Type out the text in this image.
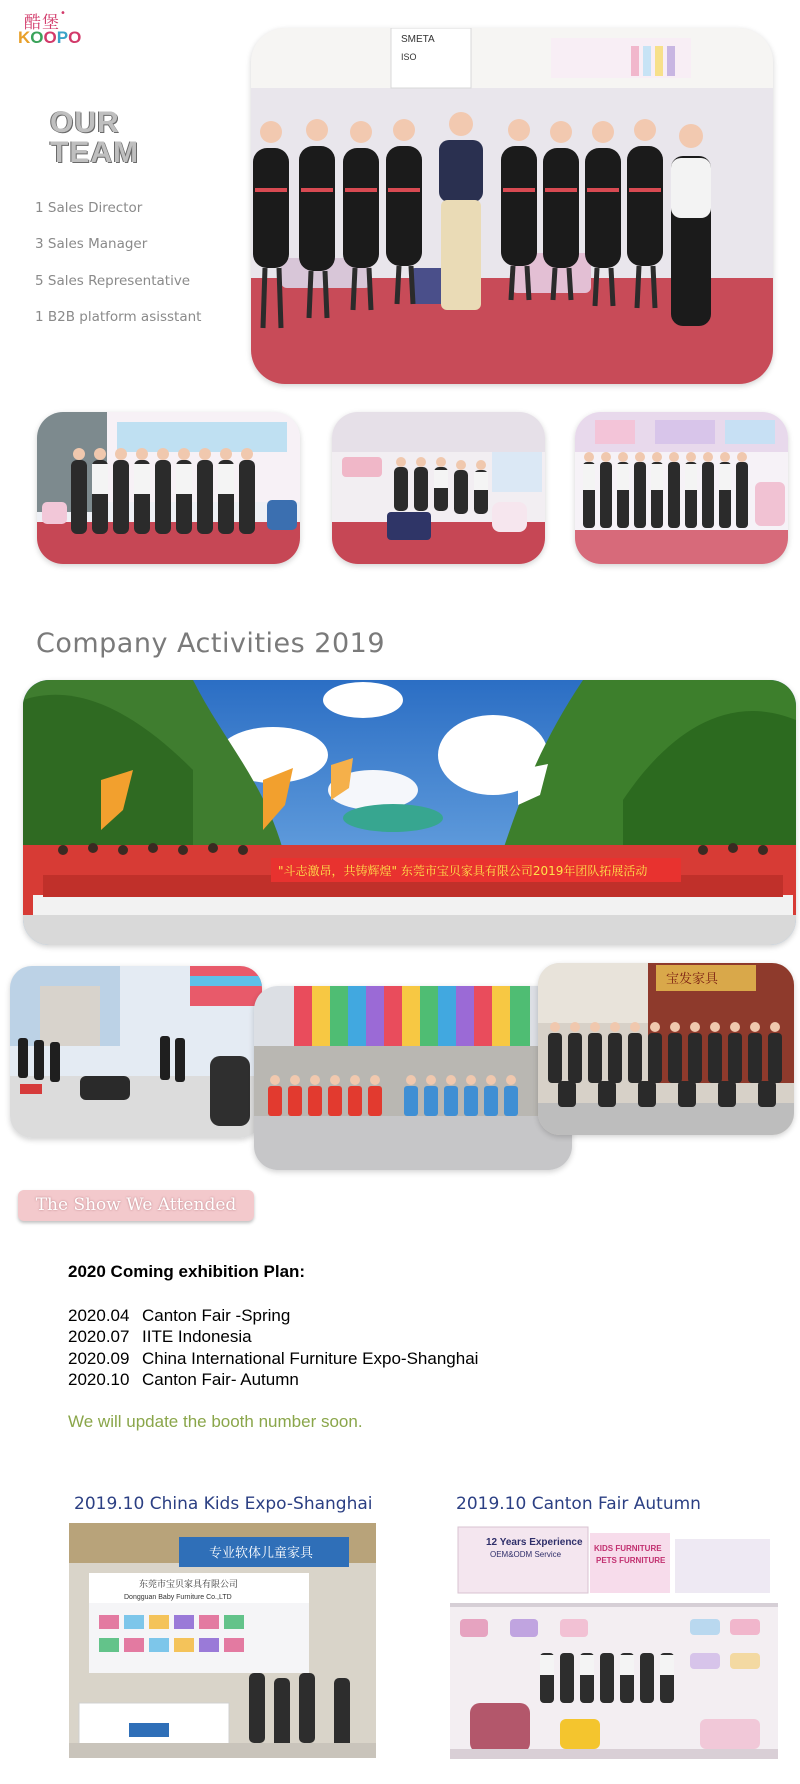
酷堡•
KOOPO
OUR
TEAM
1 Sales Director
3 Sales Manager
5 Sales Representative
1 B2B platform asisstant
SMETA
ISO
Company Activities 2019
"斗志激昂，共铸辉煌" 东莞市宝贝家具有限公司2019年团队拓展活动
宝发家具
The Show We Attended
2020 Coming exhibition Plan:
2020.04 Canton Fair -Spring
2020.07 IITE Indonesia
2020.09 China International Furniture Expo-Shanghai
2020.10 Canton Fair- Autumn
We will update the booth number soon.
2019.10 China Kids Expo-Shanghai	2019.10 Canton Fair Autumn
专业软体儿童家具
东莞市宝贝家具有限公司
Dongguan Baby Furniture Co.,LTD
12 Years Experience
OEM&ODM Service
KIDS FURNITURE
PETS FURNITURE
